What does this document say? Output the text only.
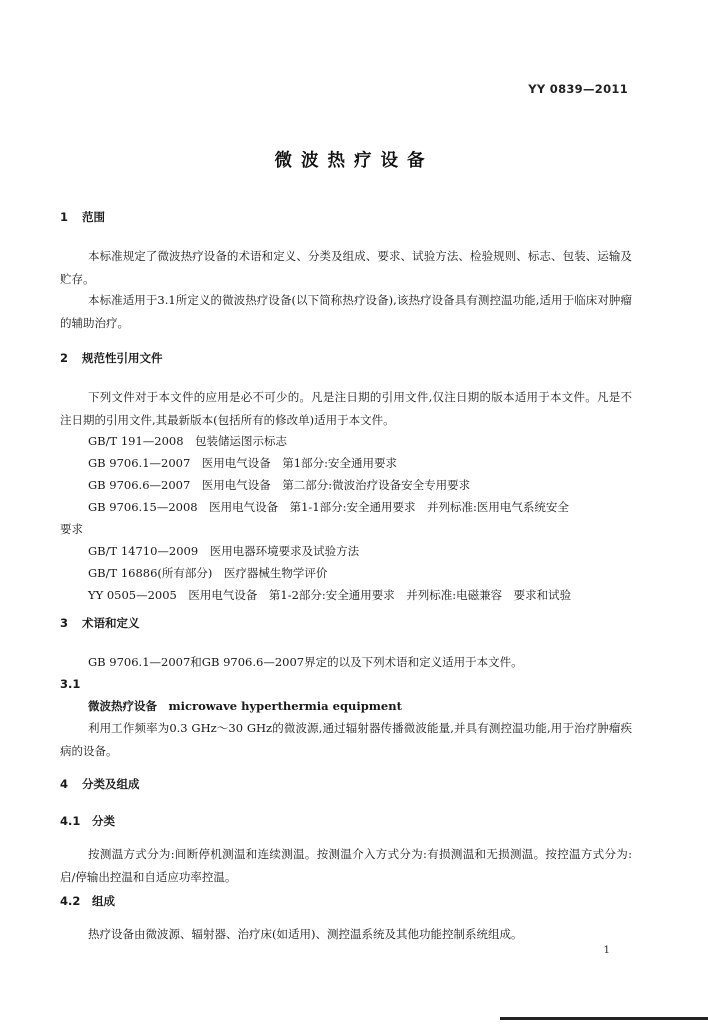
YY 0839—2011
微波热疗设备
1 范围
本标准规定了微波热疗设备的术语和定义、分类及组成、要求、试验方法、检验规则、标志、包装、运输及贮存。
本标准适用于3.1所定义的微波热疗设备(以下简称热疗设备),该热疗设备具有测控温功能,适用于临床对肿瘤的辅助治疗。
2 规范性引用文件
下列文件对于本文件的应用是必不可少的。凡是注日期的引用文件,仅注日期的版本适用于本文件。凡是不注日期的引用文件,其最新版本(包括所有的修改单)适用于本文件。
GB/T 191—2008　包装储运图示标志
GB 9706.1—2007　医用电气设备　第1部分:安全通用要求
GB 9706.6—2007　医用电气设备　第二部分:微波治疗设备安全专用要求
GB 9706.15—2008　医用电气设备　第1-1部分:安全通用要求　并列标准:医用电气系统安全
要求
GB/T 14710—2009　医用电器环境要求及试验方法
GB/T 16886(所有部分)　医疗器械生物学评价
YY 0505—2005　医用电气设备　第1-2部分:安全通用要求　并列标准:电磁兼容　要求和试验
3 术语和定义
GB 9706.1—2007和GB 9706.6—2007界定的以及下列术语和定义适用于本文件。
3.1
微波热疗设备　microwave hyperthermia equipment
利用工作频率为0.3 GHz～30 GHz的微波源,通过辐射器传播微波能量,并具有测控温功能,用于治疗肿瘤疾病的设备。
4 分类及组成
4.1 分类
按测温方式分为:间断停机测温和连续测温。按测温介入方式分为:有损测温和无损测温。按控温方式分为:启/停输出控温和自适应功率控温。
4.2 组成
热疗设备由微波源、辐射器、治疗床(如适用)、测控温系统及其他功能控制系统组成。
1
